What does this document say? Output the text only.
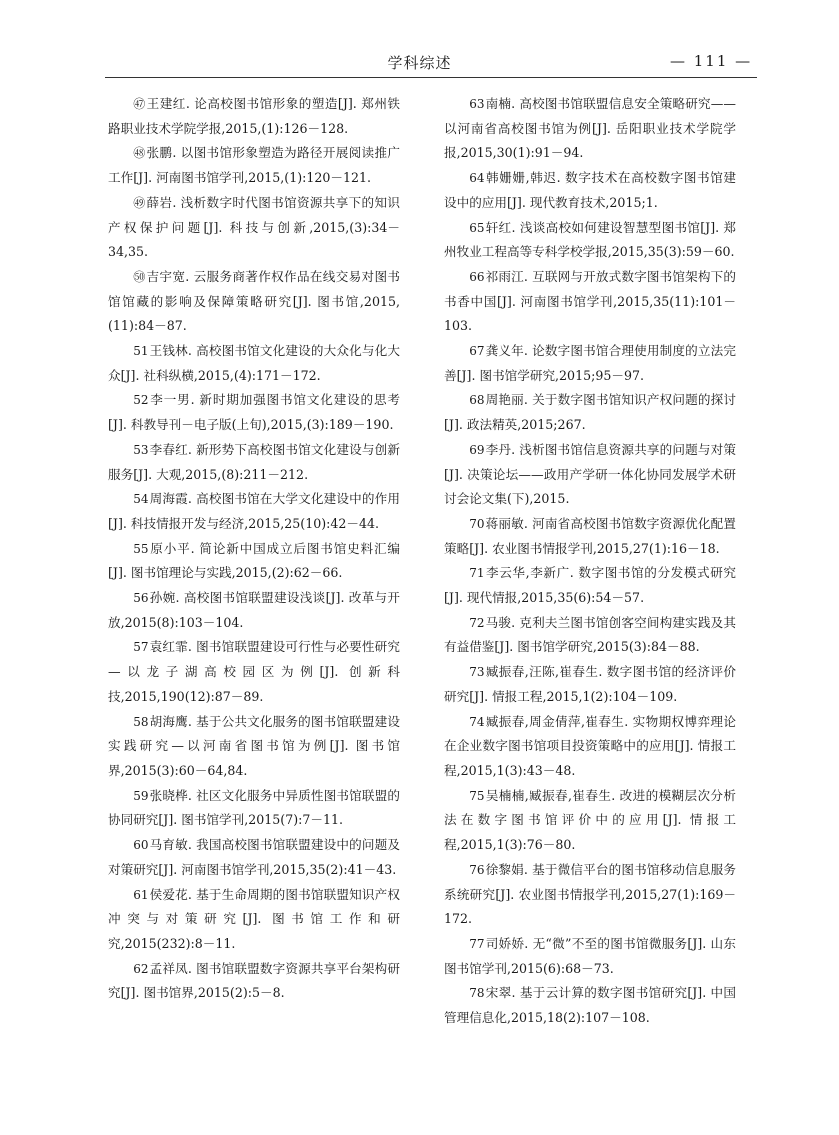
学科综述	— 111 —

㊼王建红. 论高校图书馆形象的塑造[J]. 郑州铁路职业技术学院学报,2015,(1):126－128.

㊽张鹏. 以图书馆形象塑造为路径开展阅读推广工作[J]. 河南图书馆学刊,2015,(1):120－121.

㊾薛岩. 浅析数字时代图书馆资源共享下的知识产权保护问题[J]. 科技与创新,2015,(3):34－34,35.

㊿吉宇宽. 云服务商著作权作品在线交易对图书馆馆藏的影响及保障策略研究[J]. 图书馆,2015,(11):84－87.

51王钱林. 高校图书馆文化建设的大众化与化大众[J]. 社科纵横,2015,(4):171－172.

52李一男. 新时期加强图书馆文化建设的思考[J]. 科教导刊－电子版(上旬),2015,(3):189－190.

53李春红. 新形势下高校图书馆文化建设与创新服务[J]. 大观,2015,(8):211－212.

54周海霞. 高校图书馆在大学文化建设中的作用[J]. 科技情报开发与经济,2015,25(10):42－44.

55原小平. 简论新中国成立后图书馆史料汇编[J]. 图书馆理论与实践,2015,(2):62－66.

56孙婉. 高校图书馆联盟建设浅谈[J]. 改革与开放,2015(8):103－104.

57袁红霏. 图书馆联盟建设可行性与必要性研究—以龙子湖高校园区为例[J]. 创新科技,2015,190(12):87－89.

58胡海鹰. 基于公共文化服务的图书馆联盟建设实践研究—以河南省图书馆为例[J]. 图书馆界,2015(3):60－64,84.

59张晓桦. 社区文化服务中异质性图书馆联盟的协同研究[J]. 图书馆学刊,2015(7):7－11.

60马育敏. 我国高校图书馆联盟建设中的问题及对策研究[J]. 河南图书馆学刊,2015,35(2):41－43.

61侯爱花. 基于生命周期的图书馆联盟知识产权冲突与对策研究[J]. 图书馆工作和研究,2015(232):8－11.

62孟祥凤. 图书馆联盟数字资源共享平台架构研究[J]. 图书馆界,2015(2):5－8.

63南楠. 高校图书馆联盟信息安全策略研究——以河南省高校图书馆为例[J]. 岳阳职业技术学院学报,2015,30(1):91－94.

64韩姗姗,韩迟. 数字技术在高校数字图书馆建设中的应用[J]. 现代教育技术,2015;1.

65轩红. 浅谈高校如何建设智慧型图书馆[J]. 郑州牧业工程高等专科学校学报,2015,35(3):59－60.

66祁雨江. 互联网与开放式数字图书馆架构下的书香中国[J]. 河南图书馆学刊,2015,35(11):101－103.

67龚义年. 论数字图书馆合理使用制度的立法完善[J]. 图书馆学研究,2015;95－97.

68周艳丽. 关于数字图书馆知识产权问题的探讨[J]. 政法精英,2015;267.

69李丹. 浅析图书馆信息资源共享的问题与对策[J]. 决策论坛——政用产学研一体化协同发展学术研讨会论文集(下),2015.

70蒋丽敏. 河南省高校图书馆数字资源优化配置策略[J]. 农业图书情报学刊,2015,27(1):16－18.

71李云华,李新广. 数字图书馆的分发模式研究[J]. 现代情报,2015,35(6):54－57.

72马骏. 克利夫兰图书馆创客空间构建实践及其有益借鉴[J]. 图书馆学研究,2015(3):84－88.

73臧振春,汪陈,崔春生. 数字图书馆的经济评价研究[J]. 情报工程,2015,1(2):104－109.

74臧振春,周金倩萍,崔春生. 实物期权博弈理论在企业数字图书馆项目投资策略中的应用[J]. 情报工程,2015,1(3):43－48.

75吴楠楠,臧振春,崔春生. 改进的模糊层次分析法在数字图书馆评价中的应用[J]. 情报工程,2015,1(3):76－80.

76徐黎娟. 基于微信平台的图书馆移动信息服务系统研究[J]. 农业图书情报学刊,2015,27(1):169－172.

77司娇娇. 无“微”不至的图书馆微服务[J]. 山东图书馆学刊,2015(6):68－73.

78宋翠. 基于云计算的数字图书馆研究[J]. 中国管理信息化,2015,18(2):107－108.
